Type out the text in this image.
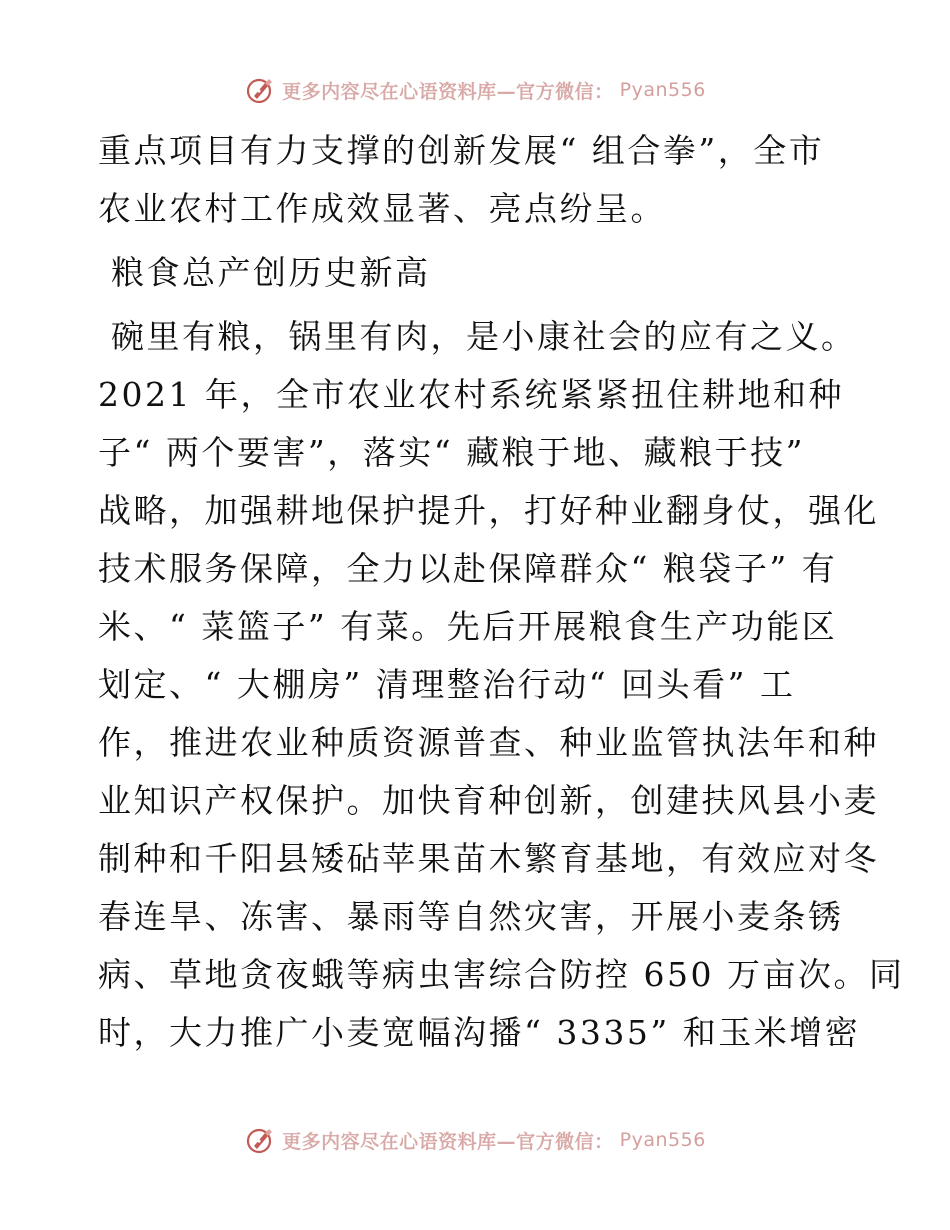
更多内容尽在心语资料库—官方微信： Pyan556
重点项目有力支撑的创新发展“ 组合拳”，全市
农业农村工作成效显著、亮点纷呈。
粮食总产创历史新高
碗里有粮，锅里有肉，是小康社会的应有之义。
2021 年，全市农业农村系统紧紧扭住耕地和种
子“ 两个要害”，落实“ 藏粮于地、藏粮于技”
战略，加强耕地保护提升，打好种业翻身仗，强化
技术服务保障，全力以赴保障群众“ 粮袋子” 有
米、“ 菜篮子” 有菜。先后开展粮食生产功能区
划定、“ 大棚房” 清理整治行动“ 回头看” 工
作，推进农业种质资源普查、种业监管执法年和种
业知识产权保护。加快育种创新，创建扶风县小麦
制种和千阳县矮砧苹果苗木繁育基地，有效应对冬
春连旱、冻害、暴雨等自然灾害，开展小麦条锈
病、草地贪夜蛾等病虫害综合防控 650 万亩次。同
时，大力推广小麦宽幅沟播“ 3335” 和玉米增密
更多内容尽在心语资料库—官方微信： Pyan556
